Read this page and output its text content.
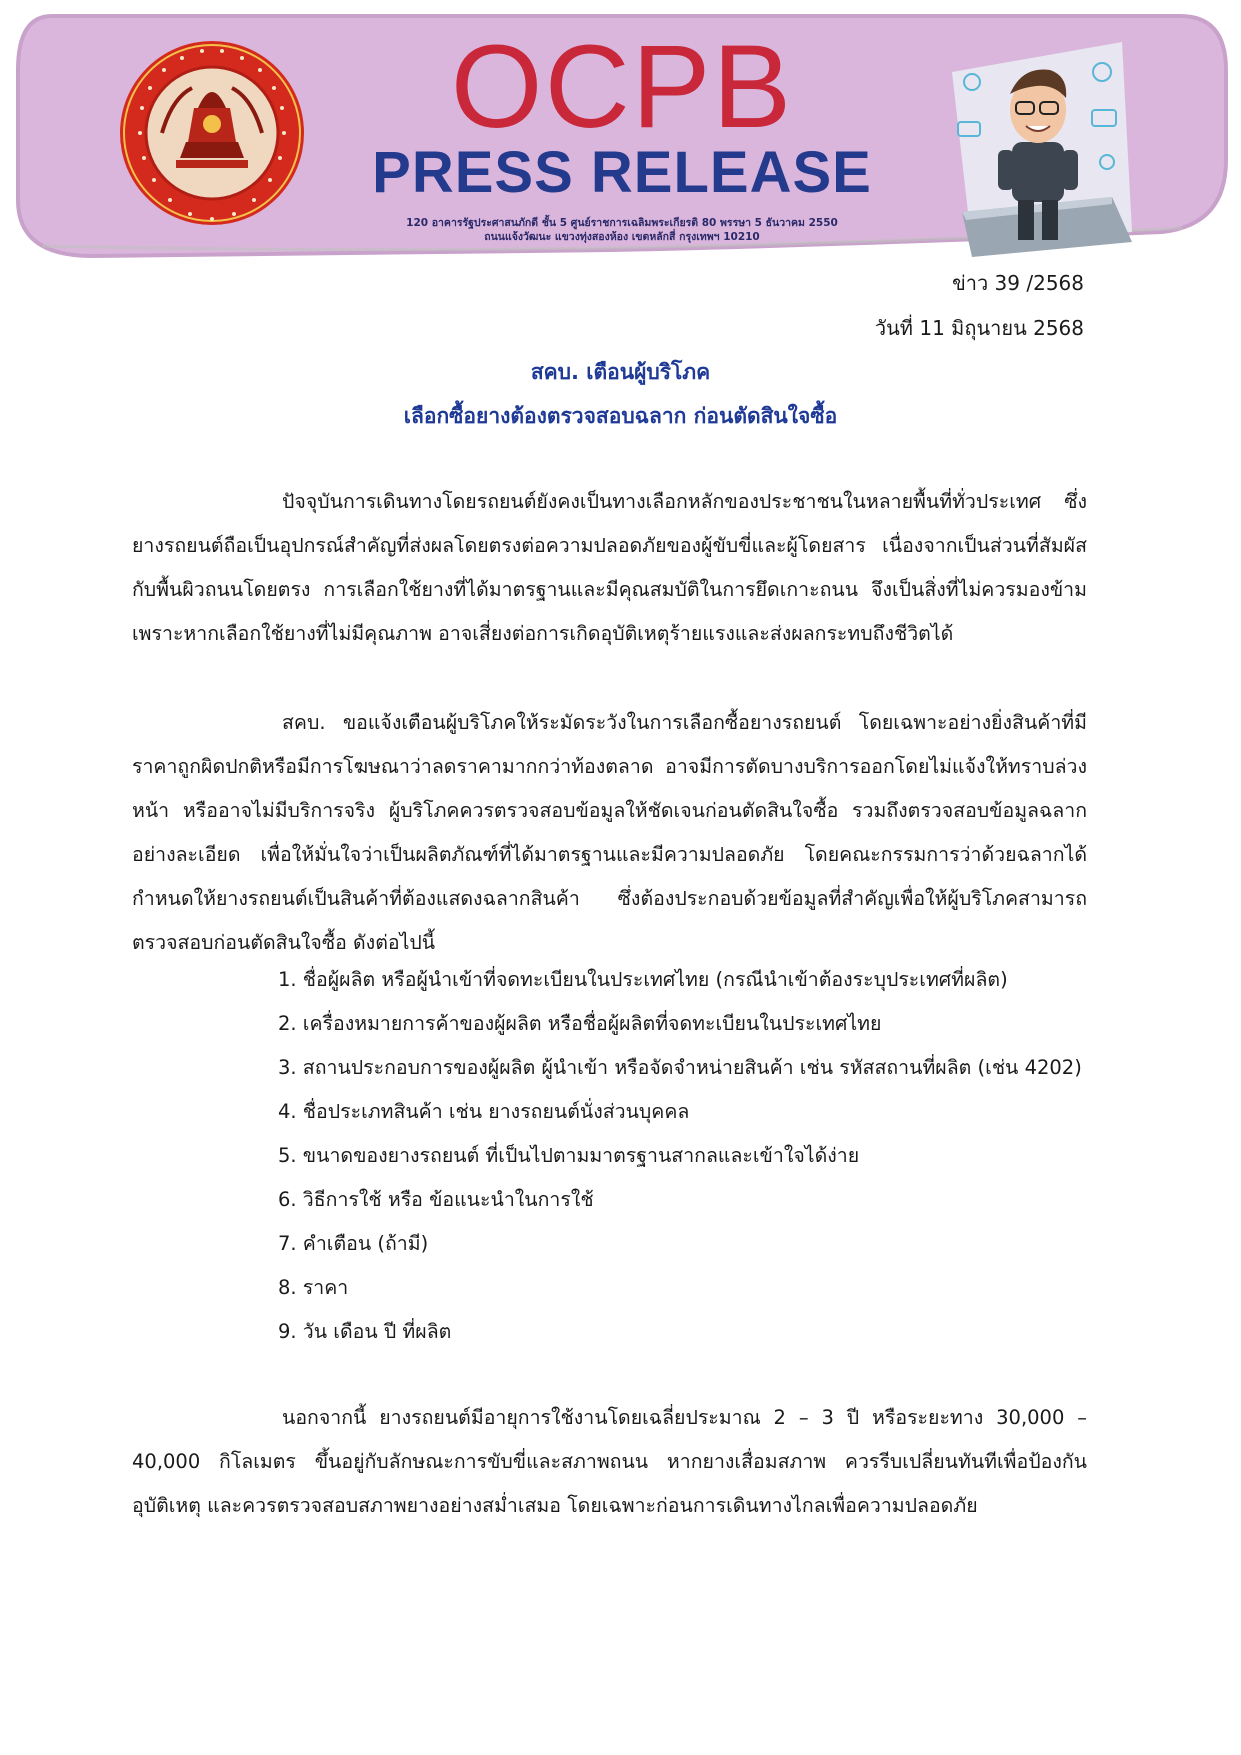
OCPB
PRESS RELEASE
120 อาคารรัฐประศาสนภักดี ชั้น 5 ศูนย์ราชการเฉลิมพระเกียรติ 80 พรรษา 5 ธันวาคม 2550
ถนนแจ้งวัฒนะ แขวงทุ่งสองห้อง เขตหลักสี่ กรุงเทพฯ 10210
ข่าว 39 /2568
วันที่ 11 มิถุนายน 2568
สคบ. เตือนผู้บริโภค
เลือกซื้อยางต้องตรวจสอบฉลาก ก่อนตัดสินใจซื้อ
ปัจจุบันการเดินทางโดยรถยนต์ยังคงเป็นทางเลือกหลักของประชาชนในหลายพื้นที่ทั่วประเทศ ซึ่งยางรถยนต์ถือเป็นอุปกรณ์สำคัญที่ส่งผลโดยตรงต่อความปลอดภัยของผู้ขับขี่และผู้โดยสาร เนื่องจากเป็นส่วนที่สัมผัสกับพื้นผิวถนนโดยตรง การเลือกใช้ยางที่ได้มาตรฐานและมีคุณสมบัติในการยึดเกาะถนน จึงเป็นสิ่งที่ไม่ควรมองข้าม เพราะหากเลือกใช้ยางที่ไม่มีคุณภาพ อาจเสี่ยงต่อการเกิดอุบัติเหตุร้ายแรงและส่งผลกระทบถึงชีวิตได้
สคบ. ขอแจ้งเตือนผู้บริโภคให้ระมัดระวังในการเลือกซื้อยางรถยนต์ โดยเฉพาะอย่างยิ่งสินค้าที่มีราคาถูกผิดปกติหรือมีการโฆษณาว่าลดราคามากกว่าท้องตลาด อาจมีการตัดบางบริการออกโดยไม่แจ้งให้ทราบล่วงหน้า หรืออาจไม่มีบริการจริง ผู้บริโภคควรตรวจสอบข้อมูลให้ชัดเจนก่อนตัดสินใจซื้อ รวมถึงตรวจสอบข้อมูลฉลากอย่างละเอียด เพื่อให้มั่นใจว่าเป็นผลิตภัณฑ์ที่ได้มาตรฐานและมีความปลอดภัย โดยคณะกรรมการว่าด้วยฉลากได้กำหนดให้ยางรถยนต์เป็นสินค้าที่ต้องแสดงฉลากสินค้า ซึ่งต้องประกอบด้วยข้อมูลที่สำคัญเพื่อให้ผู้บริโภคสามารถตรวจสอบก่อนตัดสินใจซื้อ ดังต่อไปนี้
1. ชื่อผู้ผลิต หรือผู้นำเข้าที่จดทะเบียนในประเทศไทย (กรณีนำเข้าต้องระบุประเทศที่ผลิต)
2. เครื่องหมายการค้าของผู้ผลิต หรือชื่อผู้ผลิตที่จดทะเบียนในประเทศไทย
3. สถานประกอบการของผู้ผลิต ผู้นำเข้า หรือจัดจำหน่ายสินค้า เช่น รหัสสถานที่ผลิต (เช่น 4202)
4. ชื่อประเภทสินค้า เช่น ยางรถยนต์นั่งส่วนบุคคล
5. ขนาดของยางรถยนต์ ที่เป็นไปตามมาตรฐานสากลและเข้าใจได้ง่าย
6. วิธีการใช้ หรือ ข้อแนะนำในการใช้
7. คำเตือน (ถ้ามี)
8. ราคา
9. วัน เดือน ปี ที่ผลิต
นอกจากนี้ ยางรถยนต์มีอายุการใช้งานโดยเฉลี่ยประมาณ 2 – 3 ปี หรือระยะทาง 30,000 – 40,000 กิโลเมตร ขึ้นอยู่กับลักษณะการขับขี่และสภาพถนน หากยางเสื่อมสภาพ ควรรีบเปลี่ยนทันทีเพื่อป้องกันอุบัติเหตุ และควรตรวจสอบสภาพยางอย่างสม่ำเสมอ โดยเฉพาะก่อนการเดินทางไกลเพื่อความปลอดภัย
